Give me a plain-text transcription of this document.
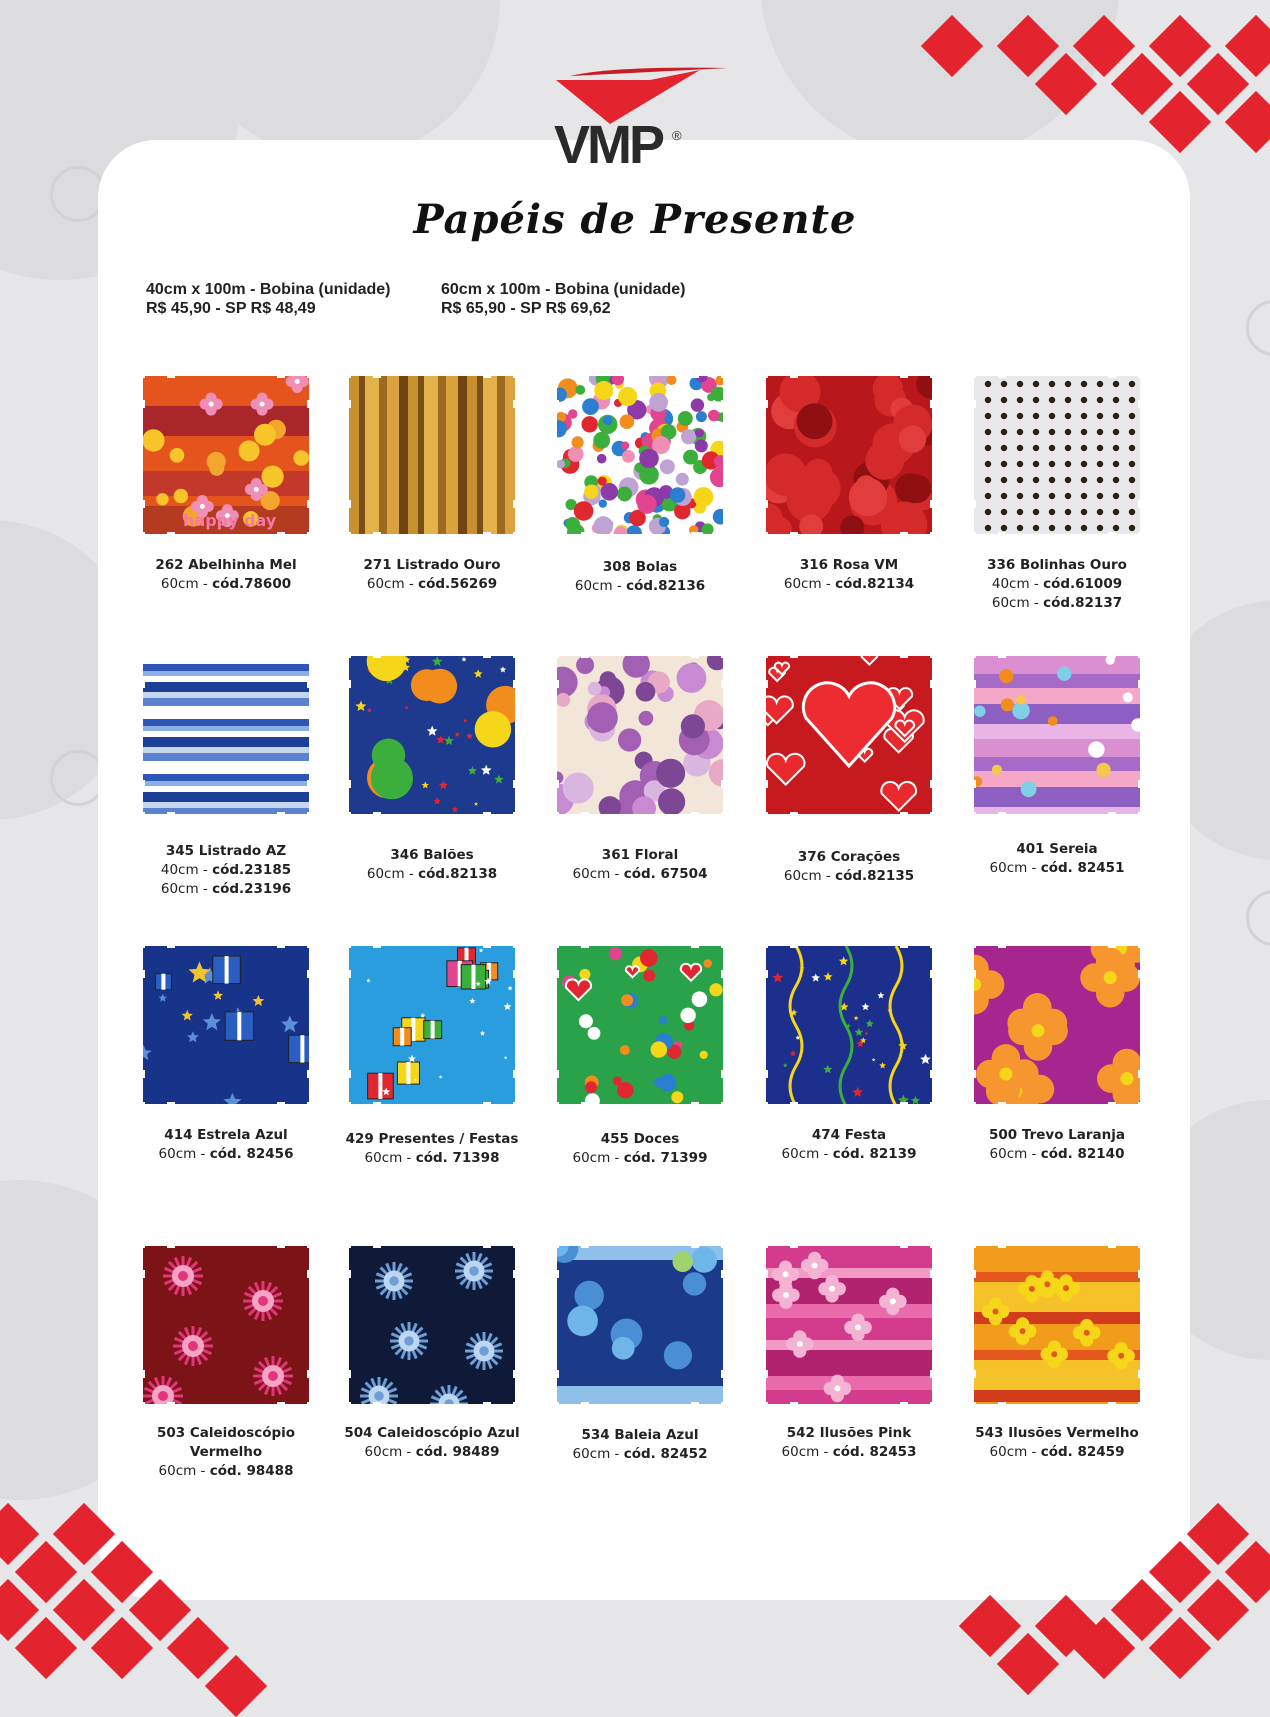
VMP ®
Papéis de Presente
40cm x 100m - Bobina (unidade)
R$ 45,90 - SP R$ 48,49
60cm x 100m - Bobina (unidade)
R$ 65,90 - SP R$ 69,62
happy day
262 Abelhinha Mel
60cm - cód.78600
271 Listrado Ouro
60cm - cód.56269
308 Bolas
60cm - cód.82136
316 Rosa VM
60cm - cód.82134
336 Bolinhas Ouro
40cm - cód.61009
60cm - cód.82137
345 Listrado AZ
40cm - cód.23185
60cm - cód.23196
346 Balões
60cm - cód.82138
361 Floral
60cm - cód. 67504
376 Corações
60cm - cód.82135
401 Sereia
60cm - cód. 82451
414 Estrela Azul
60cm - cód. 82456
429 Presentes / Festas
60cm - cód. 71398
455 Doces
60cm - cód. 71399
474 Festa
60cm - cód. 82139
500 Trevo Laranja
60cm - cód. 82140
503 Caleidoscópio Vermelho
60cm - cód. 98488
504 Caleidoscópio Azul
60cm - cód. 98489
534 Baleia Azul
60cm - cód. 82452
542 Ilusões Pink
60cm - cód. 82453
543 Ilusões Vermelho
60cm - cód. 82459
